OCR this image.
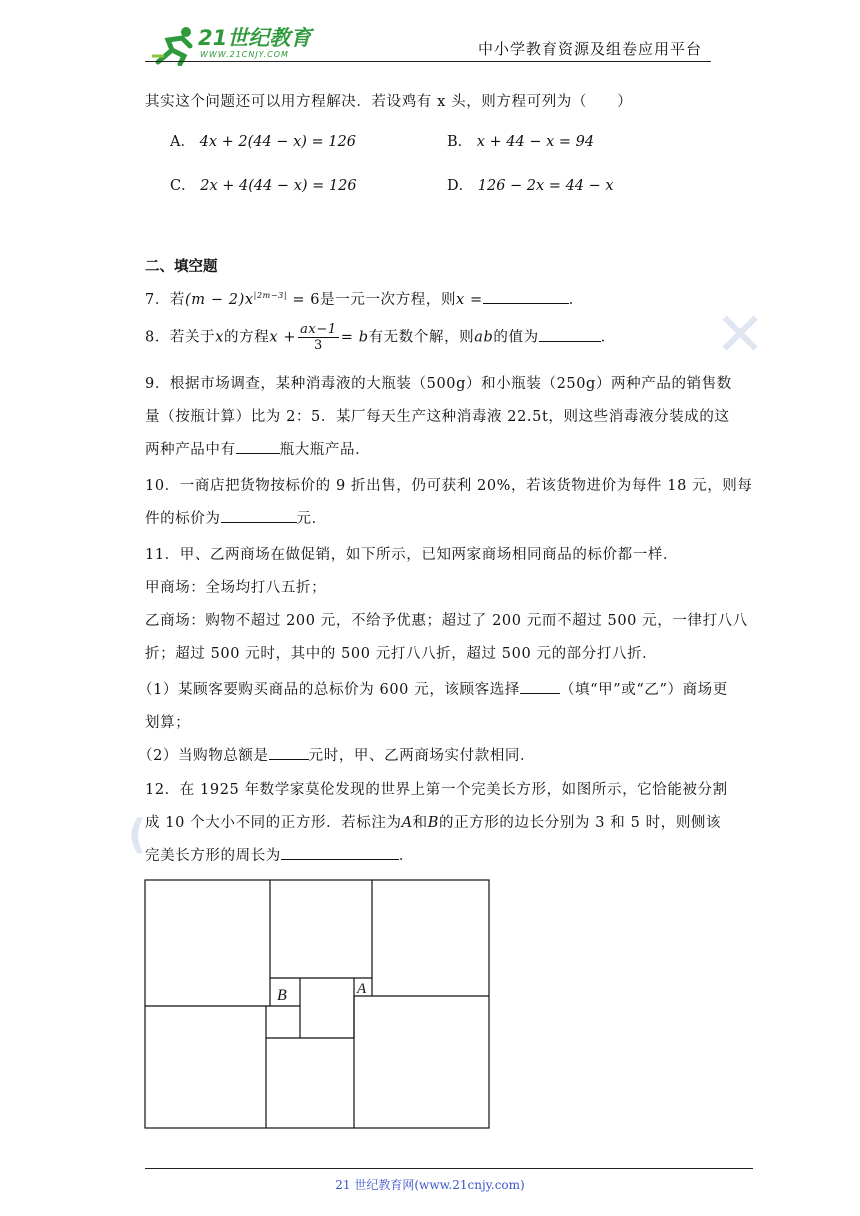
21世纪教育
WWW.21CNJY.COM	中小学教育资源及组卷应用平台
✕
(
其实这个问题还可以用方程解决．若设鸡有 x 头，则方程可列为（　　）
A． 4x + 2(44 − x) = 126	B． x + 44 − x = 94
C． 2x + 4(44 − x) = 126	D． 126 − 2x = 44 − x
二、填空题
7．若$(m - 2)x^{|2m-3|} = 6$是一元一次方程，则x =	．
8．若关于x的方程$x + \frac{ax-1}{3} = b$有无数个解，则ab的值为	．
9．根据市场调查，某种消毒液的大瓶装（500g）和小瓶装（250g）两种产品的销售数
量（按瓶计算）比为 2：5．某厂每天生产这种消毒液 22.5t，则这些消毒液分装成的这
两种产品中有	瓶大瓶产品．
10．一商店把货物按标价的 9 折出售，仍可获利 20%，若该货物进价为每件 18 元，则每
件的标价为	元．
11．甲、乙两商场在做促销，如下所示，已知两家商场相同商品的标价都一样．
甲商场：全场均打八五折；
乙商场：购物不超过 200 元，不给予优惠；超过了 200 元而不超过 500 元，一律打八八
折；超过 500 元时，其中的 500 元打八八折，超过 500 元的部分打八折．
（1）某顾客要购买商品的总标价为 600 元，该顾客选择	（填“甲”或“乙”）商场更
划算；
（2）当购物总额是	元时，甲、乙两商场实付款相同．
12．在 1925 年数学家莫伦发现的世界上第一个完美长方形，如图所示，它恰能被分割
成 10 个大小不同的正方形．若标注为A和B的正方形的边长分别为 3 和 5 时，则侧该
完美长方形的周长为	．
B	A
21 世纪教育网(www.21cnjy.com)
